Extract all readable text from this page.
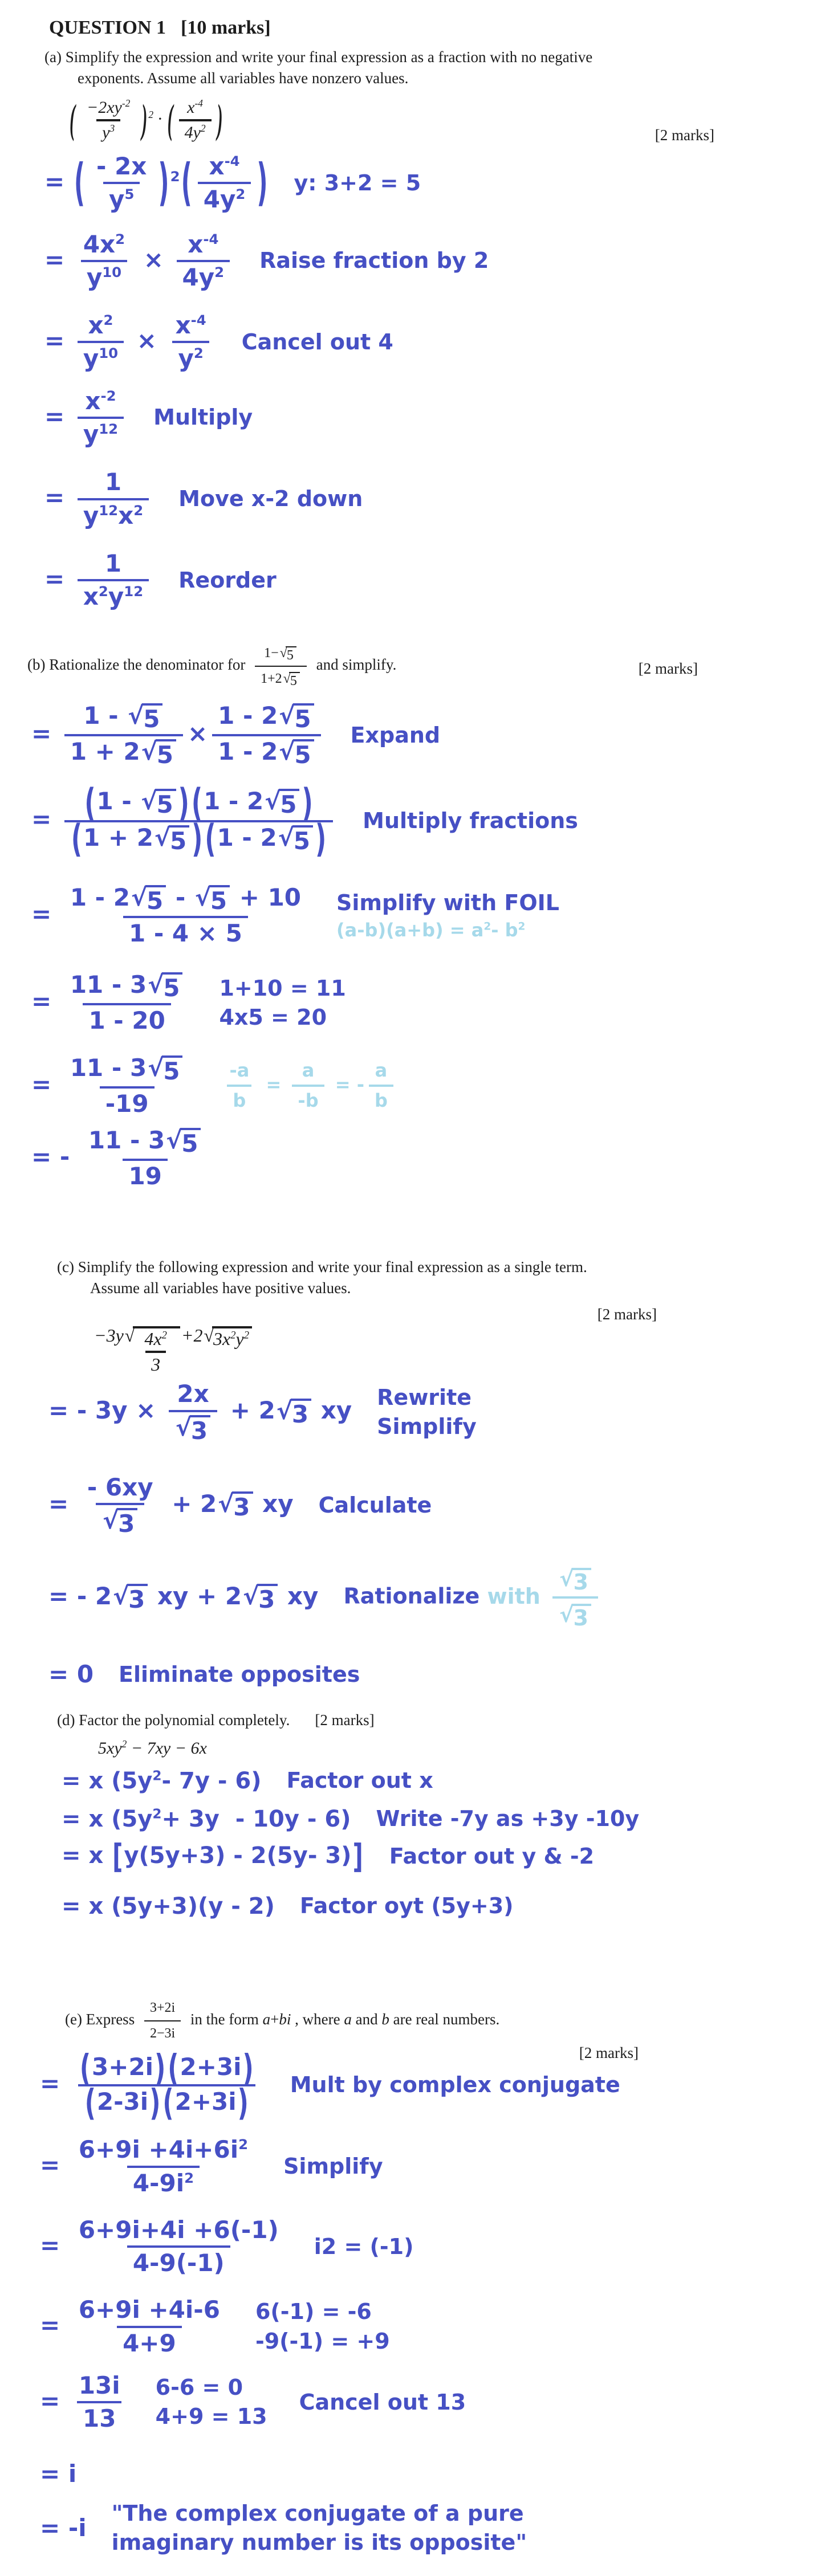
QUESTION 1 [10 marks]
(a) Simplify the expression and write your final expression as a fraction with no negative
exponents. Assume all variables have nonzero values.
( $\frac{-2xy^{-2}}{y^3}$ ) $^2$ · ( $\frac{x^{-4}}{4y^2}$ )	[2 marks]
= ( $\frac{- 2x}{y^5} )^2( \frac{x^{-4}}{4y^2}$ ) y: 3+2 = 5
= $\frac{4x^2}{y^{10}} \times \frac{x^{-4}}{4y^2}$ Raise fraction by 2
= $\frac{x^2}{y^{10}} \times \frac{x^{-4}}{y^2}$ Cancel out 4
= $\frac{x^{-2}}{y^{12}}$ Multiply
= $\frac{1}{y^{12}x^2}$ Move x-2 down
= $\frac{1}{x^2y^{12}}$ Reorder
(b) Rationalize the denominator for $\frac{1- √ 5}{1+2 √ 5}$ and simplify.	[2 marks]
= $\frac{1 - √ 5}{1 + 2 √ 5} \times \frac{1 - 2 √ 5}{1 - 2 √ 5}$ Expand
= $\frac{(1 - √ 5 )(1 - 2 √ 5 )}{(1 + 2 √ 5 )(1 - 2 √ 5 )}$ Multiply fractions
= $\frac{1 - 2 √ 5 - √ 5 + 10}{1 - 4 \times 5}$ Simplify with FOIL
$(a-b)(a+b) = a^2-$ $b^2$
= $\frac{11 - 3 √ 5}{1 - 20} 1+10 = 11$
4x5 = 20
= $\frac{11 - 3 √ 5}{-19} \frac{-a}{b} = \frac{a}{-b}$ = - $\frac{a}{b}$
= - $\frac{11 - 3 √ 5}{19}$
(c) Simplify the following expression and write your final expression as a single term.
Assume all variables have positive values.
[2 marks]
−3y √ $\frac{4x^2}{3} +2$ √ $3x^2y^2$
= - $3y \times \frac{2x}{√ 3} + 2$ √ 3 xy Rewrite
Simplify
= $\frac{- 6xy}{√ 3} + 2$ √ 3 xy Calculate
= - 2 √ 3 xy + 2 √ 3 xy Rationalize with $\frac{√ 3}{√ 3}$
= 0 Eliminate opposites
(d) Factor the polynomial completely. [2 marks]
$5xy^2 - 7xy - 6x$
= x ($5y^2-$ 7y - 6) Factor out x
= x $(5y^2+ 3y - 10y - 6)$ Write -7y as +3y -10y
= x [y(5y+3) - 2(5y- 3)] Factor out y & -2
= x (5y+3)(y - 2) Factor oyt (5y+3)
(e) Express $\frac{3+2i}{2-3i}$ in the form a+bi , where a and b are real numbers.
[2 marks]
= $\frac{(3+2i)(2+3i)}{(2-3i)(2+3i)}$ Mult by complex conjugate
= $\frac{6+9i +4i+6i^2}{4-9i^2}$ Simplify
= $\frac{6+9i+4i +6(-1)}{4-9(-1)} i2 = (-1)$
= $\frac{6+9i +4i-6}{4+9} 6(-1) = -6$
-9(-1) = +9
= $\frac{13i}{13} 6-6 = 0$
4+9 = 13
Cancel out 13
= i
= -i
"The complex conjugate of a pure
imaginary number is its opposite"
